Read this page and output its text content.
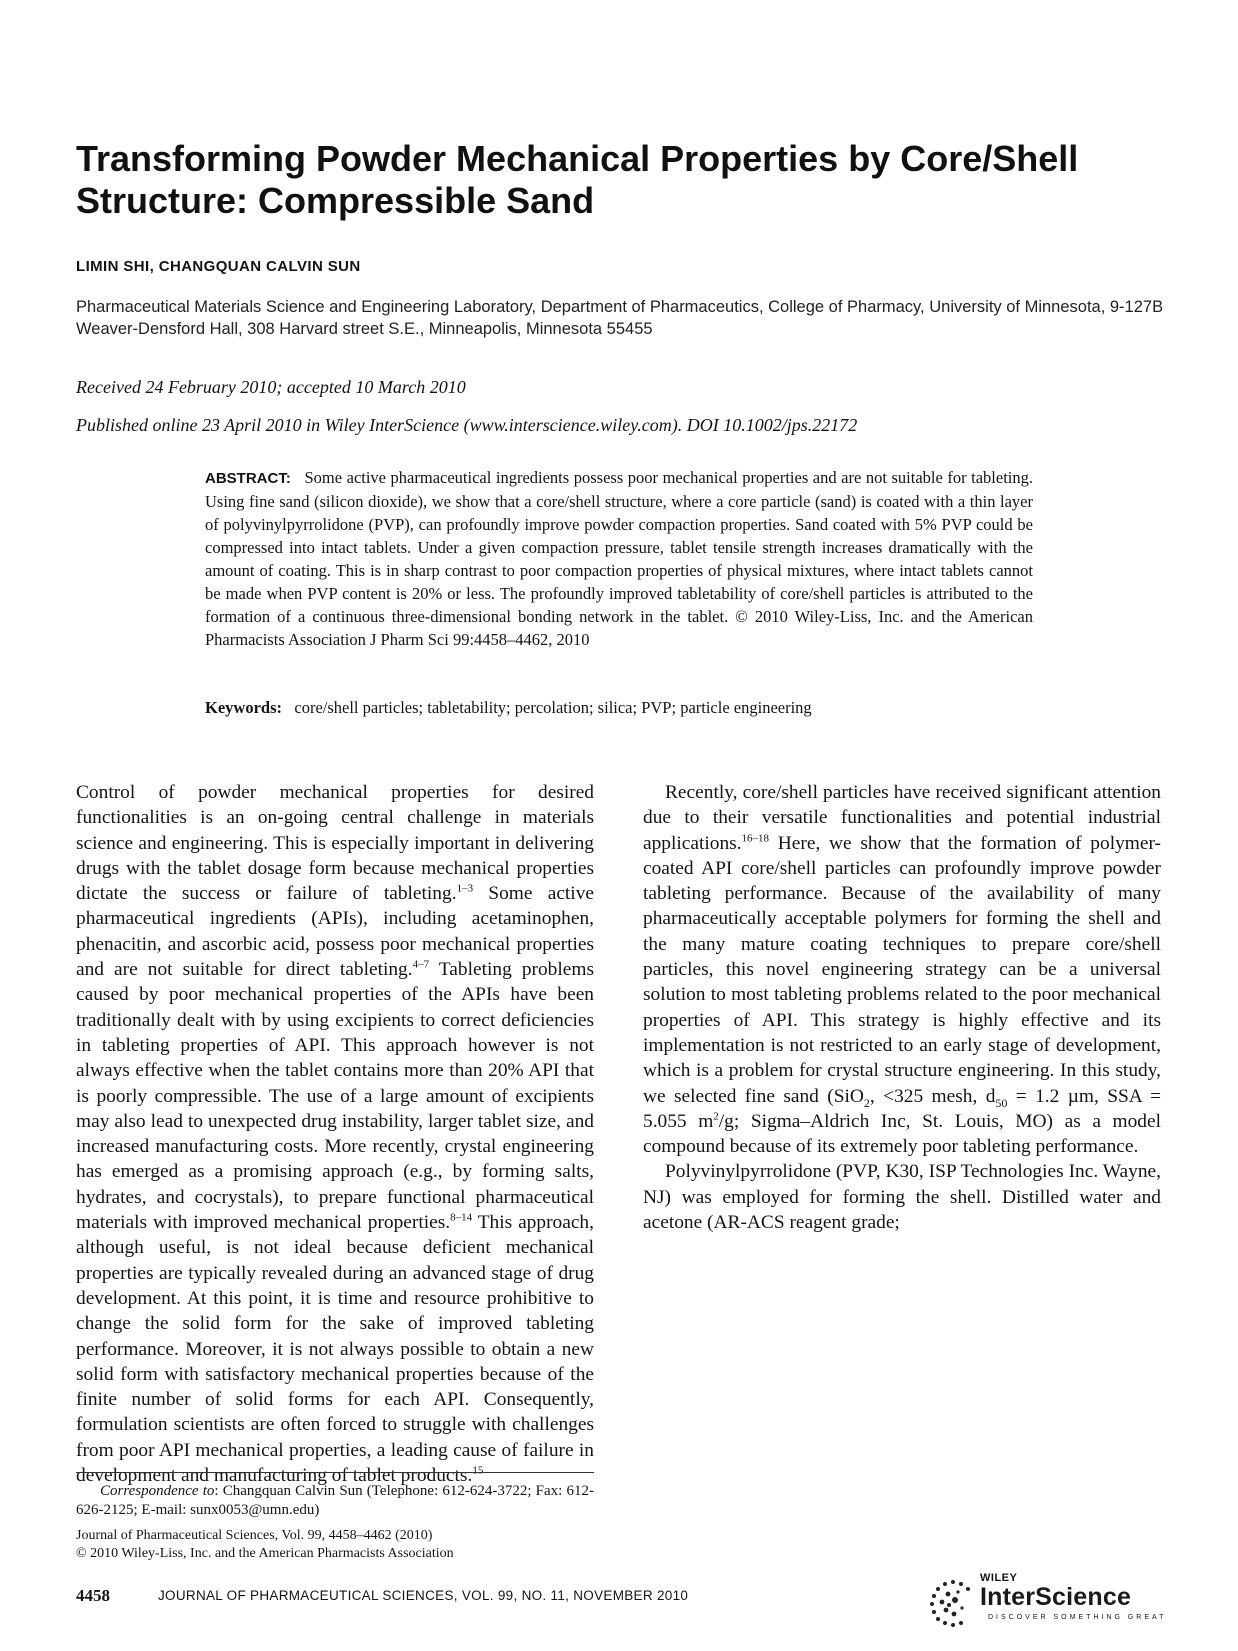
Transforming Powder Mechanical Properties by Core/Shell Structure: Compressible Sand
LIMIN SHI, CHANGQUAN CALVIN SUN
Pharmaceutical Materials Science and Engineering Laboratory, Department of Pharmaceutics, College of Pharmacy, University of Minnesota, 9-127B Weaver-Densford Hall, 308 Harvard street S.E., Minneapolis, Minnesota 55455
Received 24 February 2010; accepted 10 March 2010
Published online 23 April 2010 in Wiley InterScience (www.interscience.wiley.com). DOI 10.1002/jps.22172
ABSTRACT: Some active pharmaceutical ingredients possess poor mechanical properties and are not suitable for tableting. Using fine sand (silicon dioxide), we show that a core/shell structure, where a core particle (sand) is coated with a thin layer of polyvinylpyrrolidone (PVP), can profoundly improve powder compaction properties. Sand coated with 5% PVP could be compressed into intact tablets. Under a given compaction pressure, tablet tensile strength increases dramatically with the amount of coating. This is in sharp contrast to poor compaction properties of physical mixtures, where intact tablets cannot be made when PVP content is 20% or less. The profoundly improved tabletability of core/shell particles is attributed to the formation of a continuous three-dimensional bonding network in the tablet. © 2010 Wiley-Liss, Inc. and the American Pharmacists Association J Pharm Sci 99:4458–4462, 2010
Keywords: core/shell particles; tabletability; percolation; silica; PVP; particle engineering

Control of powder mechanical properties for desired functionalities is an on-going central challenge in materials science and engineering. This is especially important in delivering drugs with the tablet dosage form because mechanical properties dictate the success or failure of tableting.$^{1-3}$ Some active pharmaceutical ingredients (APIs), including acetaminophen, phenacitin, and ascorbic acid, possess poor mechanical properties and are not suitable for direct tableting.$^{4-7}$ Tableting problems caused by poor mechanical properties of the APIs have been traditionally dealt with by using excipients to correct deficiencies in tableting properties of API. This approach however is not always effective when the tablet contains more than 20% API that is poorly compressible. The use of a large amount of excipients may also lead to unexpected drug instability, larger tablet size, and increased manufacturing costs. More recently, crystal engineering has emerged as a promising approach (e.g., by forming salts, hydrates, and cocrystals), to prepare functional pharmaceutical materials with improved mechanical properties.$^{8-14}$ This approach, although useful, is not ideal because deficient mechanical properties are typically revealed during an advanced stage of drug development. At this point, it is time and resource prohibitive to change the solid form for the sake of improved tableting performance. Moreover, it is not always possible to obtain a new solid form with satisfactory mechanical properties because of the finite number of solid forms for each API. Consequently, formulation scientists are often forced to struggle with challenges from poor API mechanical properties, a leading cause of failure in development and manufacturing of tablet products.$^{15}$

Recently, core/shell particles have received significant attention due to their versatile functionalities and potential industrial applications.$^{16-18}$ Here, we show that the formation of polymer-coated API core/shell particles can profoundly improve powder tableting performance. Because of the availability of many pharmaceutically acceptable polymers for forming the shell and the many mature coating techniques to prepare core/shell particles, this novel engineering strategy can be a universal solution to most tableting problems related to the poor mechanical properties of API. This strategy is highly effective and its implementation is not restricted to an early stage of development, which is a problem for crystal structure engineering. In this study, we selected fine sand (SiO$_2$, <325 mesh, $d_{50} = 1.2$ µm, SSA = 5.055 $m^2/g$; Sigma–Aldrich Inc, St. Louis, MO) as a model compound because of its extremely poor tableting performance.

Polyvinylpyrrolidone (PVP, K30, ISP Technologies Inc. Wayne, NJ) was employed for forming the shell. Distilled water and acetone (AR-ACS reagent grade;

Correspondence to: Changquan Calvin Sun (Telephone: 612-624-3722; Fax: 612-626-2125; E-mail: sunx0053@umn.edu)
Journal of Pharmaceutical Sciences, Vol. 99, 4458–4462 (2010)
© 2010 Wiley-Liss, Inc. and the American Pharmacists Association
4458	JOURNAL OF PHARMACEUTICAL SCIENCES, VOL. 99, NO. 11, NOVEMBER 2010
WILEY
InterScience
DISCOVER SOMETHING GREAT
